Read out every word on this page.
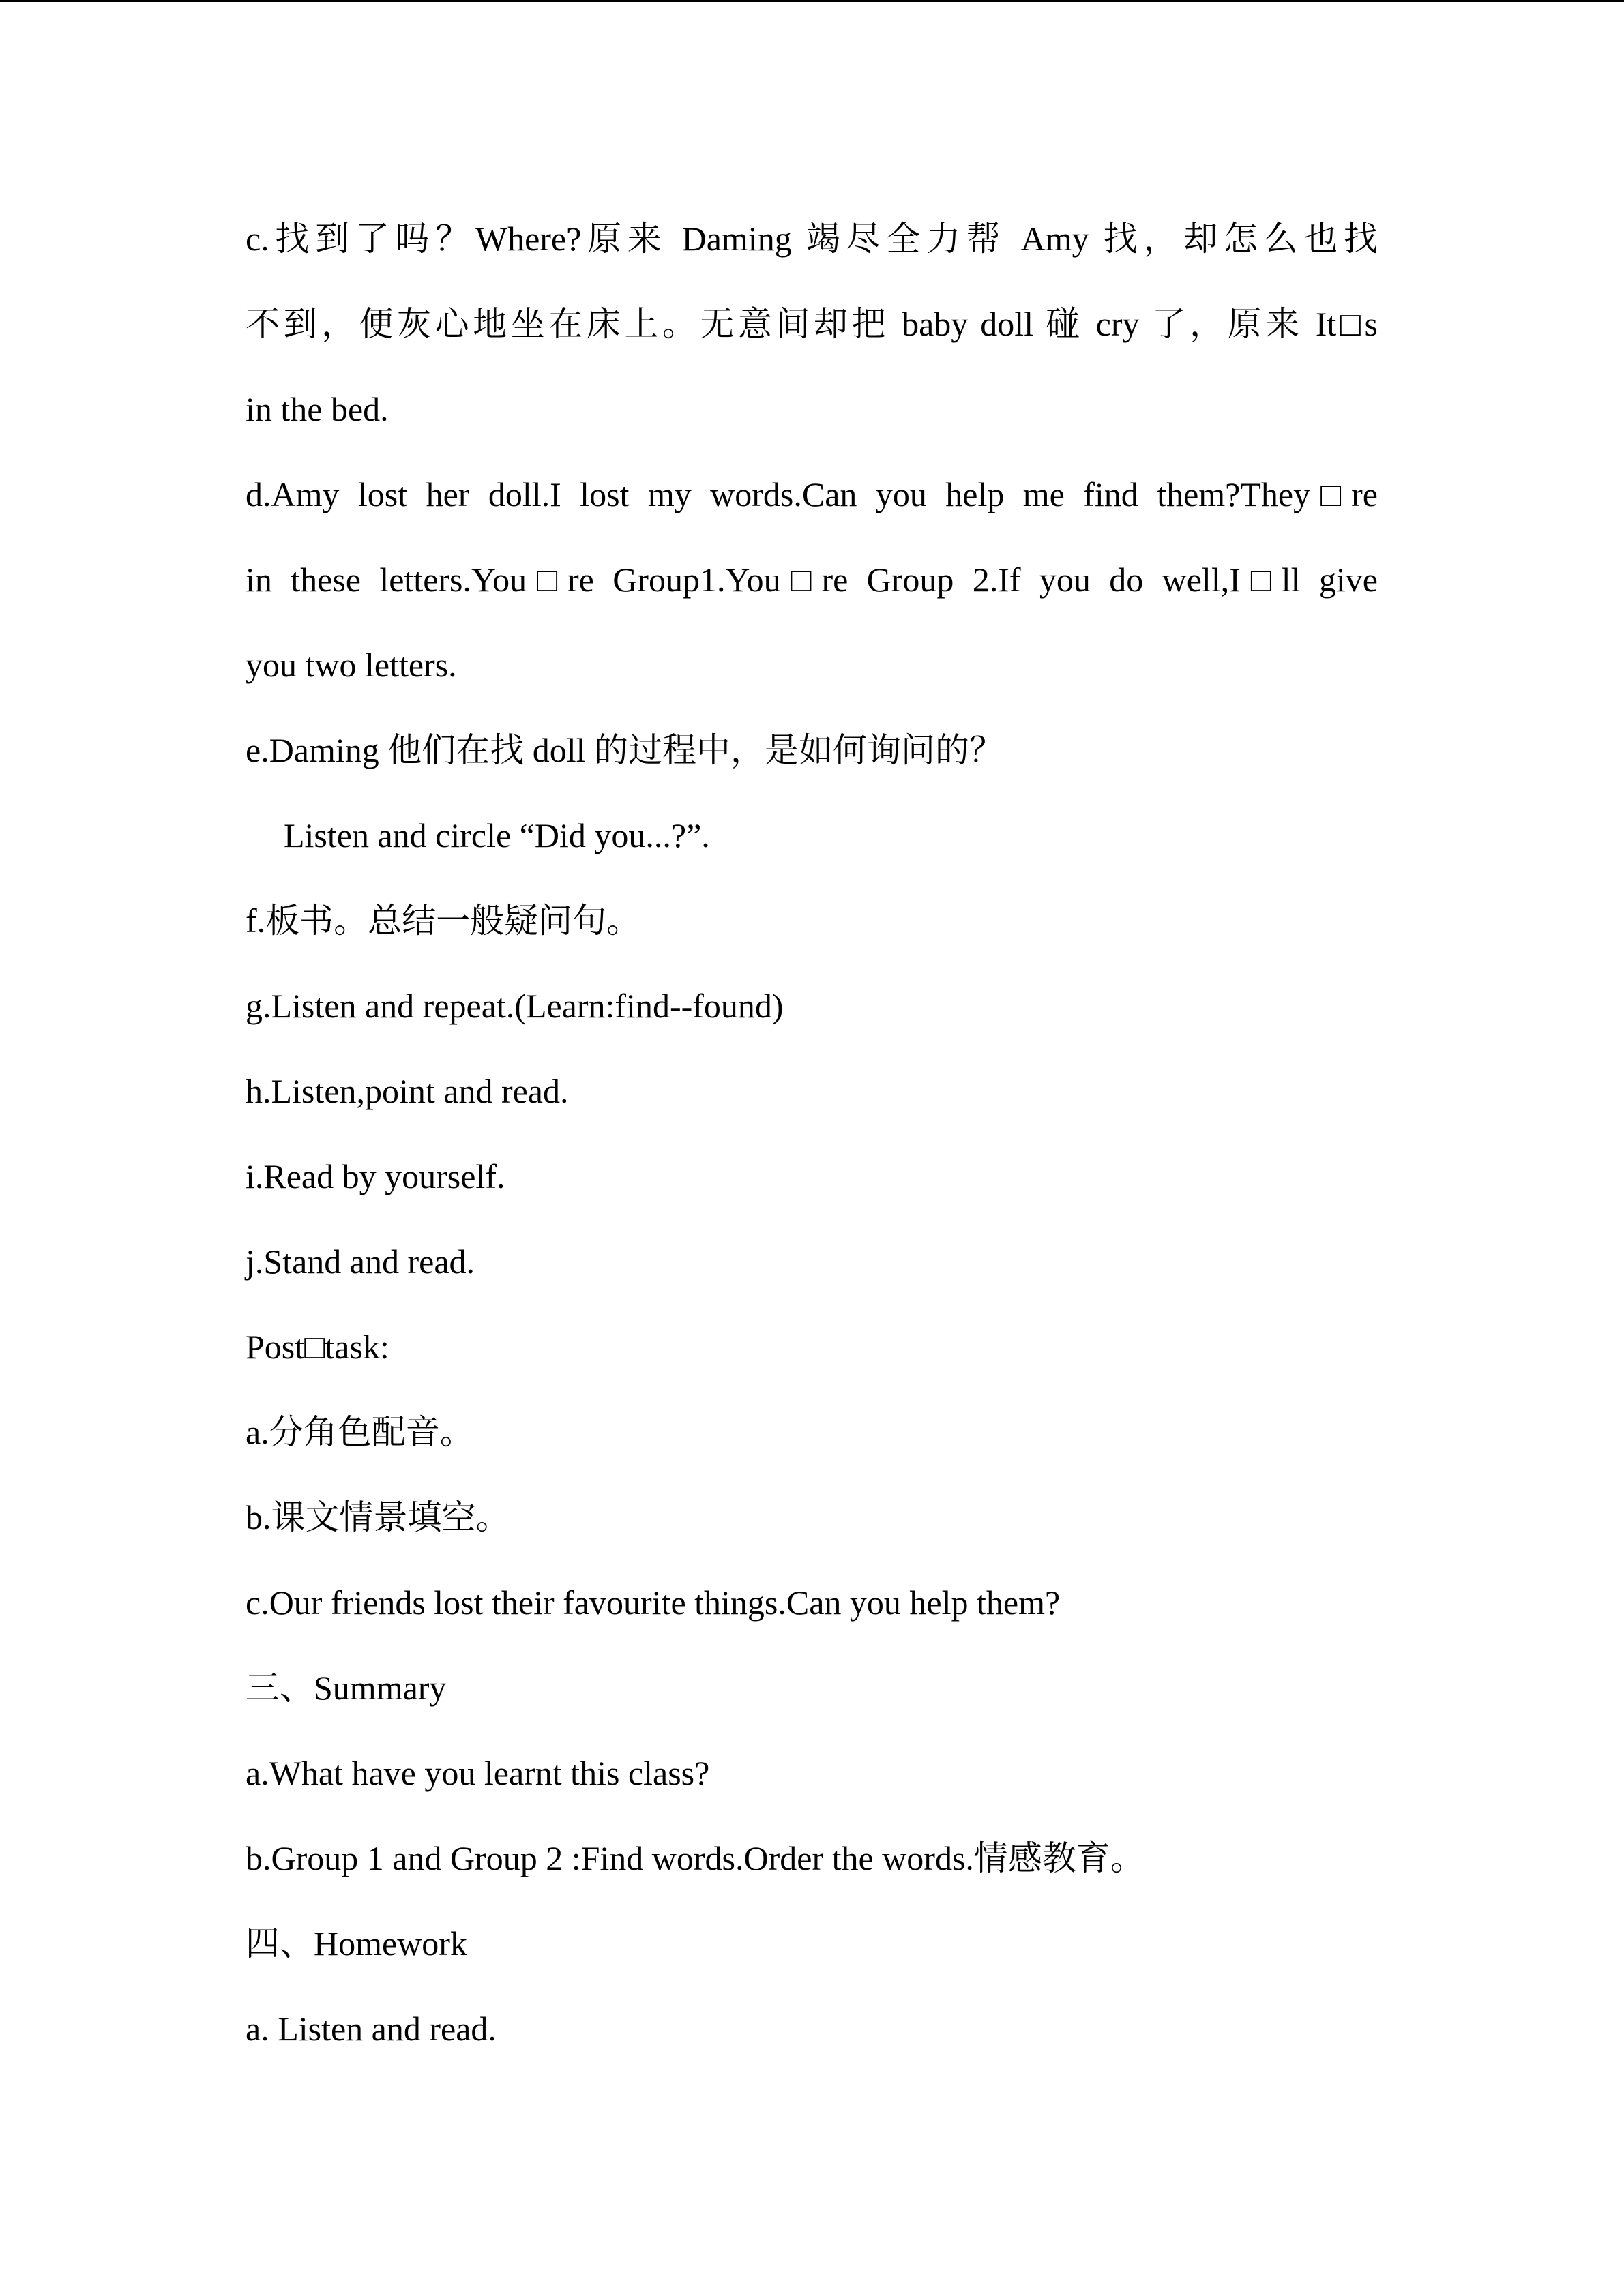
c.找到了吗？Where?原来 Daming 竭尽全力帮 Amy 找，却怎么也找
不到，便灰心地坐在床上。无意间却把 baby doll 碰 cry 了，原来 It□s
in the bed.
d.Amy lost her doll.I lost my words.Can you help me find them?They□re
in these letters.You□re Group1.You□re Group 2.If you do well,I□ll give
you two letters.
e.Daming 他们在找 doll 的过程中，是如何询问的？
Listen and circle “Did you...?”.
f.板书。总结一般疑问句。
g.Listen and repeat.(Learn:find--found)
h.Listen,point and read.
i.Read by yourself.
j.Stand and read.
Post□task:
a.分角色配音。
b.课文情景填空。
c.Our friends lost their favourite things.Can you help them?
三、Summary
a.What have you learnt this class?
b.Group 1 and Group 2 :Find words.Order the words.情感教育。
四、Homework
a. Listen and read.
